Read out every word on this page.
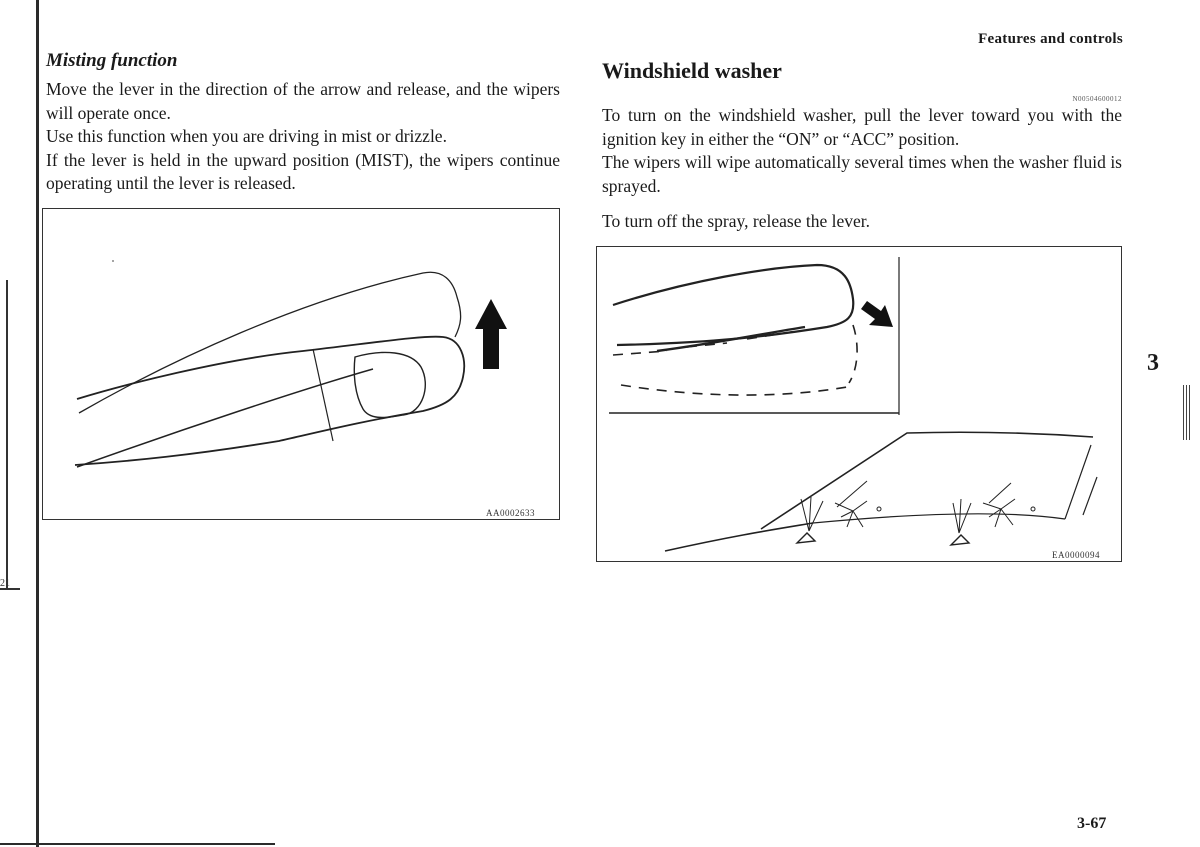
21
Features and controls
Misting function

Move the lever in the direction of the arrow and release, and the wipers will operate once.

Use this function when you are driving in mist or drizzle.

If the lever is held in the upward position (MIST), the wipers continue operating until the lever is released.

AA0002633
Windshield washer
N00504600012

To turn on the windshield washer, pull the lever toward you with the ignition key in either the “ON” or “ACC” position.

The wipers will wipe automatically several times when the washer fluid is sprayed.

To turn off the spray, release the lever.
EA0000094
3
3-67
